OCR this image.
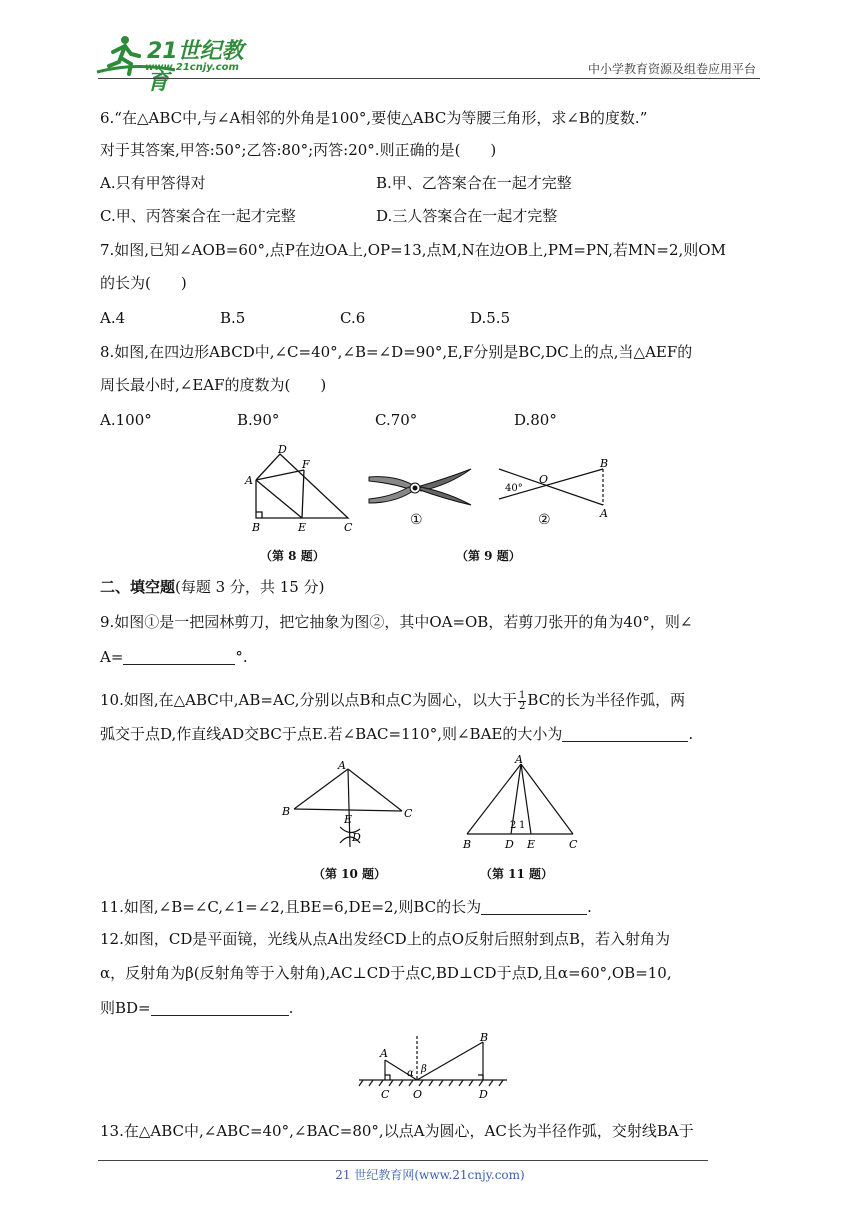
21世纪教育
www.21cnjy.com	中小学教育资源及组卷应用平台
6.“在△ABC中,与∠A相邻的外角是100°,要使△ABC为等腰三角形，求∠B的度数.”
对于其答案,甲答:50°;乙答:80°;丙答:20°.则正确的是(　　)
A.只有甲答得对	B.甲、乙答案合在一起才完整
C.甲、丙答案合在一起才完整	D.三人答案合在一起才完整
7.如图,已知∠AOB=60°,点P在边OA上,OP=13,点M,N在边OB上,PM=PN,若MN=2,则OM
的长为(　　)
A.4	B.5	C.6	D.5.5
8.如图,在四边形ABCD中,∠C=40°,∠B=∠D=90°,E,F分别是BC,DC上的点,当△AEF的
周长最小时,∠EAF的度数为(　　)
A.100°	B.90°	C.70°	D.80°
D
A
F
B	E	C
（第 8 题）
①
40°
O
B
A
②
（第 9 题）
二、填空题(每题 3 分，共 15 分)
9.如图①是一把园林剪刀，把它抽象为图②，其中OA=OB，若剪刀张开的角为40°，则∠
A=	°.
10.如图,在△ABC中,AB=AC,分别以点B和点C为圆心，以大于 $\frac{1}{2}$ BC的长为半径作弧，两
弧交于点D,作直线AD交BC于点E.若∠BAC=110°,则∠BAE的大小为	.
A
B	C
E
D
（第 10 题）
A
2 1
B	D E	C
（第 11 题）
11.如图,∠B=∠C,∠1=∠2,且BE=6,DE=2,则BC的长为	.
12.如图，CD是平面镜，光线从点A出发经CD上的点O反射后照射到点B，若入射角为
α，反射角为β(反射角等于入射角),AC⊥CD于点C,BD⊥CD于点D,且α=60°,OB=10,
则BD=	.
A
B
α β
C O	D
13.在△ABC中,∠ABC=40°,∠BAC=80°,以点A为圆心，AC长为半径作弧，交射线BA于
21 世纪教育网(www.21cnjy.com)
